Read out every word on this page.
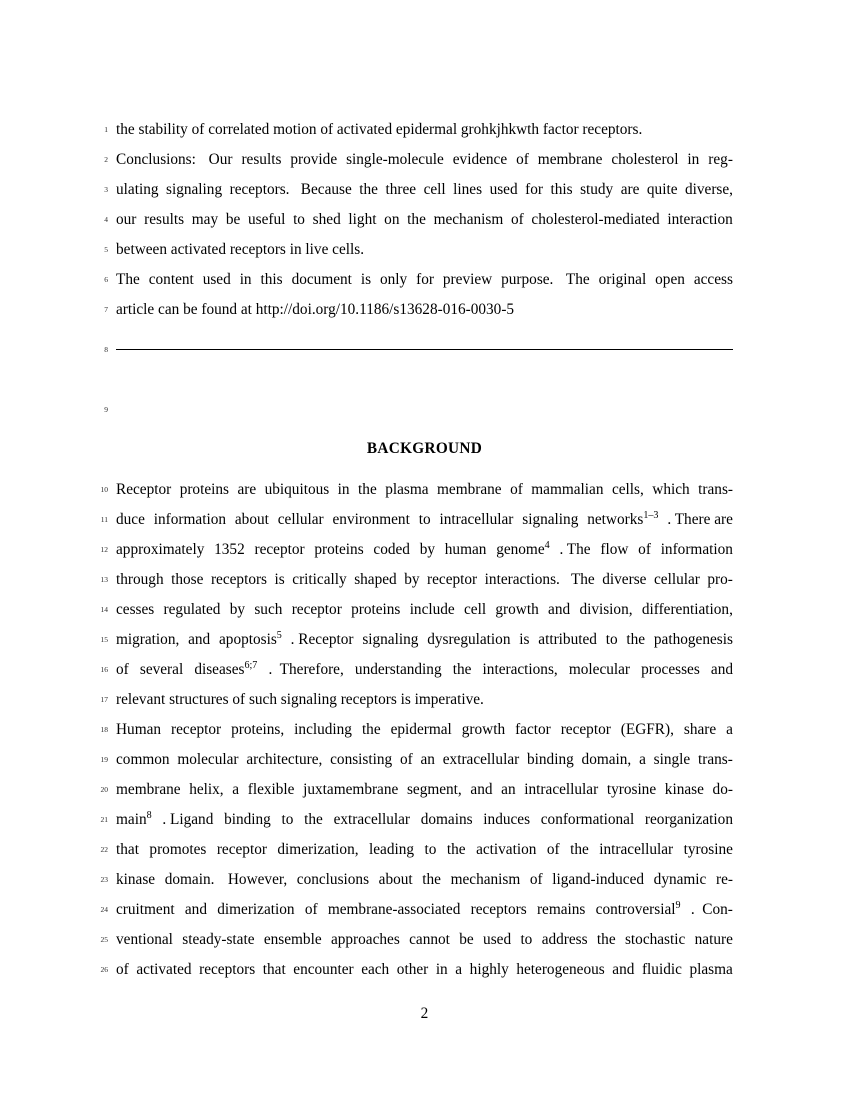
1 the stability of correlated motion of activated epidermal grohkjhkwth factor receptors.
2 Conclusions: Our results provide single-molecule evidence of membrane cholesterol in reg-
3 ulating signaling receptors. Because the three cell lines used for this study are quite diverse,
4 our results may be useful to shed light on the mechanism of cholesterol-mediated interaction
5 between activated receptors in live cells.
6 The content used in this document is only for preview purpose. The original open access
7 article can be found at http://doi.org/10.1186/s13628-016-0030-5
8
9
BACKGROUND
10 Receptor proteins are ubiquitous in the plasma membrane of mammalian cells, which trans-
11 duce information about cellular environment to intracellular signaling networks$^{1-3}$ . There are
12 approximately 1352 receptor proteins coded by human genome$^4$ . The flow of information
13 through those receptors is critically shaped by receptor interactions. The diverse cellular pro-
14 cesses regulated by such receptor proteins include cell growth and division, differentiation,
15 migration, and apoptosis$^5$ . Receptor signaling dysregulation is attributed to the pathogenesis
16 of several diseases$^{6;7}$ .  Therefore, understanding the interactions, molecular processes and
17 relevant structures of such signaling receptors is imperative.
18 Human receptor proteins, including the epidermal growth factor receptor (EGFR), share a
19 common molecular architecture, consisting of an extracellular binding domain, a single trans-
20 membrane helix, a flexible juxtamembrane segment, and an intracellular tyrosine kinase do-
21 main$^8$ . Ligand binding to the extracellular domains induces conformational reorganization
22 that promotes receptor dimerization, leading to the activation of the intracellular tyrosine
23 kinase domain. However, conclusions about the mechanism of ligand-induced dynamic re-
24 cruitment and dimerization of membrane-associated receptors remains controversial$^9$ .  Con-
25 ventional steady-state ensemble approaches cannot be used to address the stochastic nature
26 of activated receptors that encounter each other in a highly heterogeneous and fluidic plasma
2
